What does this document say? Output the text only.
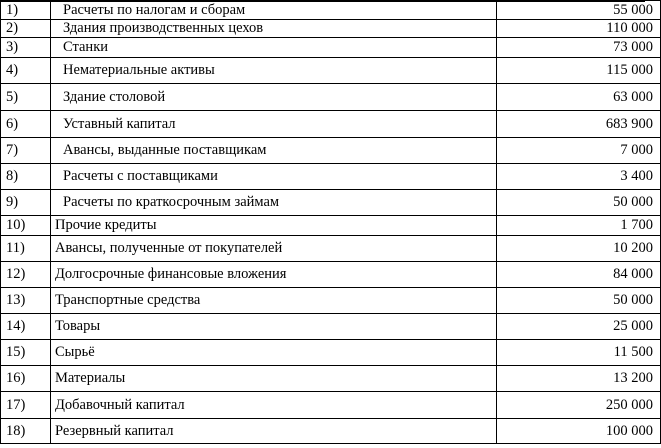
1)	Расчеты по налогам и сборам	55 000
2)	Здания производственных цехов	110 000
3)	Станки	73 000
4)	Нематериальные активы	115 000
5)	Здание столовой	63 000
6)	Уставный капитал	683 900
7)	Авансы, выданные поставщикам	7 000
8)	Расчеты с поставщиками	3 400
9)	Расчеты по краткосрочным займам	50 000
10)	Прочие кредиты	1 700
11)	Авансы, полученные от покупателей	10 200
12)	Долгосрочные финансовые вложения	84 000
13)	Транспортные средства	50 000
14)	Товары	25 000
15)	Сырьё	11 500
16)	Материалы	13 200
17)	Добавочный капитал	250 000
18)	Резервный капитал	100 000
